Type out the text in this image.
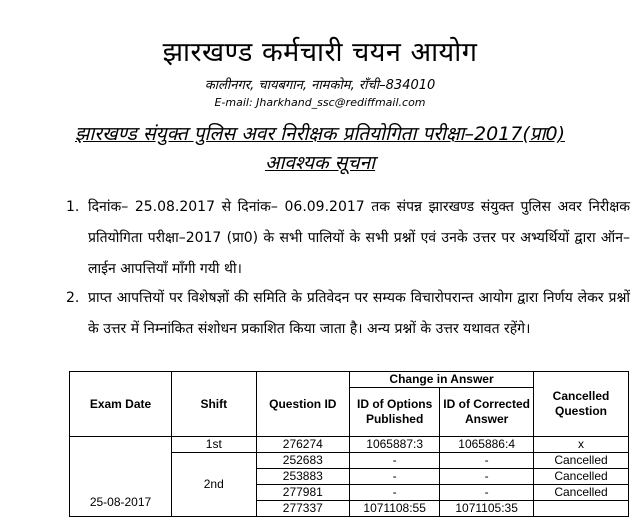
झारखण्ड कर्मचारी चयन आयोग
कालीनगर, चायबगान, नामकोम, राँची–834010
E-mail: Jharkhand_ssc@rediffmail.com
झारखण्ड संयुक्त पुलिस अवर निरीक्षक प्रतियोगिता परीक्षा–2017(प्रा0)
आवश्यक सूचना
1. दिनांक– 25.08.2017 से दिनांक– 06.09.2017 तक संपन्न झारखण्ड संयुक्त पुलिस अवर निरीक्षक प्रतियोगिता परीक्षा–2017 (प्रा0) के सभी पालियों के सभी प्रश्नों एवं उनके उत्तर पर अभ्यर्थियों द्वारा ऑन–लाईन आपत्तियाँ माँगी गयी थी।
2. प्राप्त आपत्तियों पर विशेषज्ञों की समिति के प्रतिवेदन पर सम्यक विचारोपरान्त आयोग द्वारा निर्णय लेकर प्रश्नों के उत्तर में निम्नांकित संशोधन प्रकाशित किया जाता है। अन्य प्रश्नों के उत्तर यथावत रहेंगे।
Exam Date	Shift	Question ID	Change in Answer		Cancelled Question
			ID of Options Published	ID of Corrected Answer	
25-08-2017	1st	276274	1065887:3	1065886:4	x
	2nd	252683	-	-	Cancelled
		253883	-	-	Cancelled
		277981	-	-	Cancelled
		277337	1071108:55	1071105:35	
